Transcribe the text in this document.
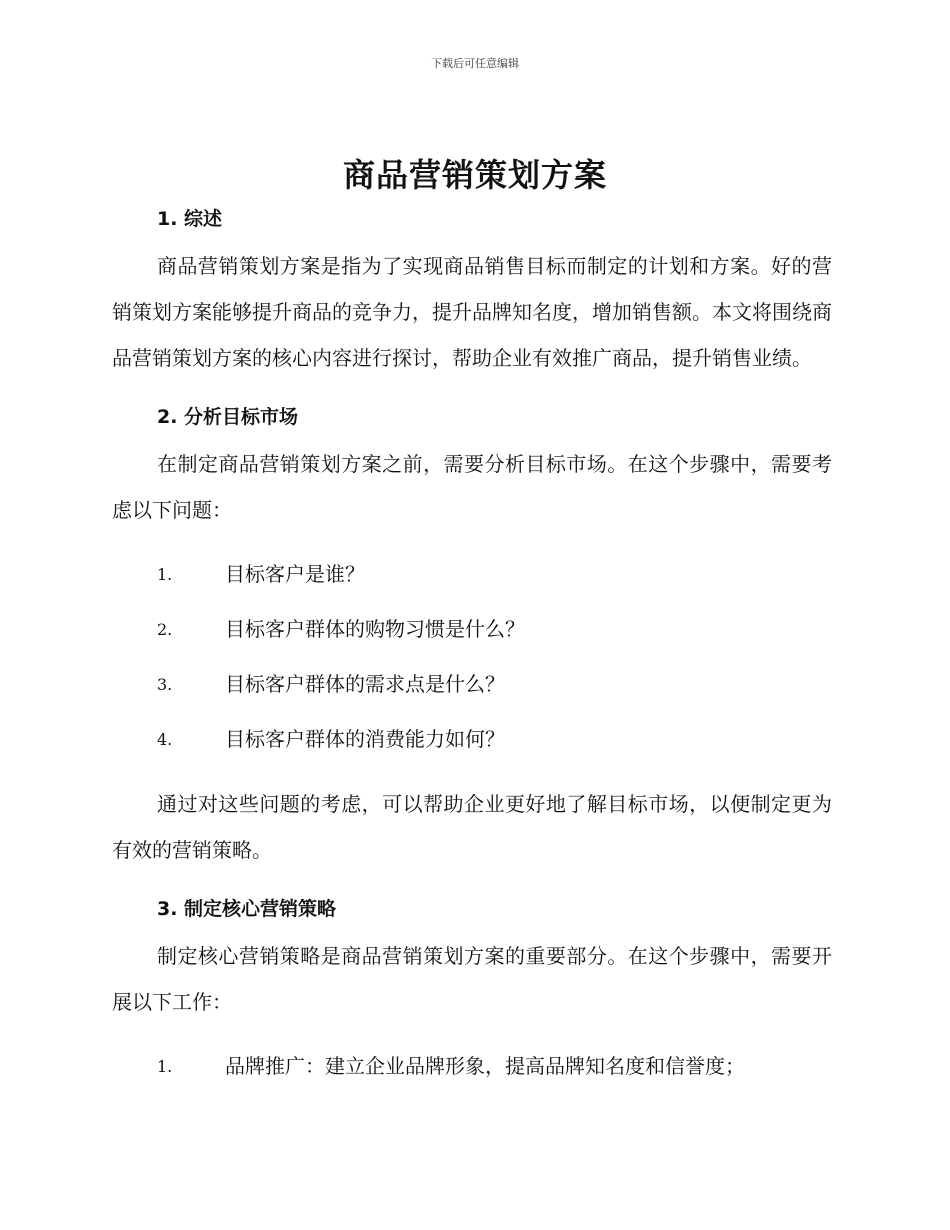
下载后可任意编辑
商品营销策划方案
1. 综述

商品营销策划方案是指为了实现商品销售目标而制定的计划和方案。好的营销策划方案能够提升商品的竞争力，提升品牌知名度，增加销售额。本文将围绕商品营销策划方案的核心内容进行探讨，帮助企业有效推广商品，提升销售业绩。

2. 分析目标市场

在制定商品营销策划方案之前，需要分析目标市场。在这个步骤中，需要考虑以下问题：

1.	目标客户是谁？
2.	目标客户群体的购物习惯是什么？
3.	目标客户群体的需求点是什么？
4.	目标客户群体的消费能力如何？

通过对这些问题的考虑，可以帮助企业更好地了解目标市场，以便制定更为有效的营销策略。

3. 制定核心营销策略

制定核心营销策略是商品营销策划方案的重要部分。在这个步骤中，需要开展以下工作：

1.	品牌推广：建立企业品牌形象，提高品牌知名度和信誉度；
